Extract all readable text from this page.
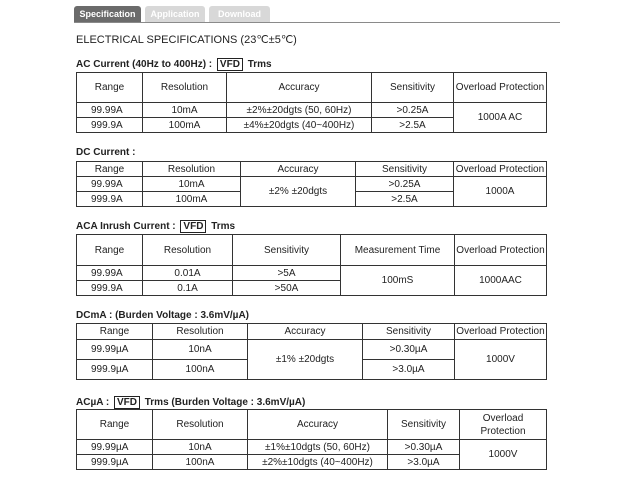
Specification	Application	Download
ELECTRICAL SPECIFICATIONS (23℃±5℃)
AC Current (40Hz to 400Hz) : VFD Trms
Range	Resolution	Accuracy	Sensitivity	Overload Protection
99.99A	10mA	±2%±20dgts (50, 60Hz)	>0.25A	1000A AC
999.9A	100mA	±4%±20dgts (40~400Hz)	>2.5A	
DC Current :
Range	Resolution	Accuracy	Sensitivity	Overload Protection
99.99A	10mA	±2% ±20dgts	>0.25A	1000A
999.9A	100mA		>2.5A	
ACA Inrush Current : VFD Trms
Range	Resolution	Sensitivity	Measurement Time	Overload Protection
99.99A	0.01A	>5A	100mS	1000AAC
999.9A	0.1A	>50A		
DCmA : (Burden Voltage : 3.6mV/µA)
Range	Resolution	Accuracy	Sensitivity	Overload Protection
99.99µA	10nA	±1% ±20dgts	>0.30µA	1000V
999.9µA	100nA		>3.0µA	
ACµA : VFD Trms (Burden Voltage : 3.6mV/µA)
Range	Resolution	Accuracy	Sensitivity	Overload Protection
99.99µA	10nA	±1%±10dgts (50, 60Hz)	>0.30µA	1000V
999.9µA	100nA	±2%±10dgts (40~400Hz)	>3.0µA	
